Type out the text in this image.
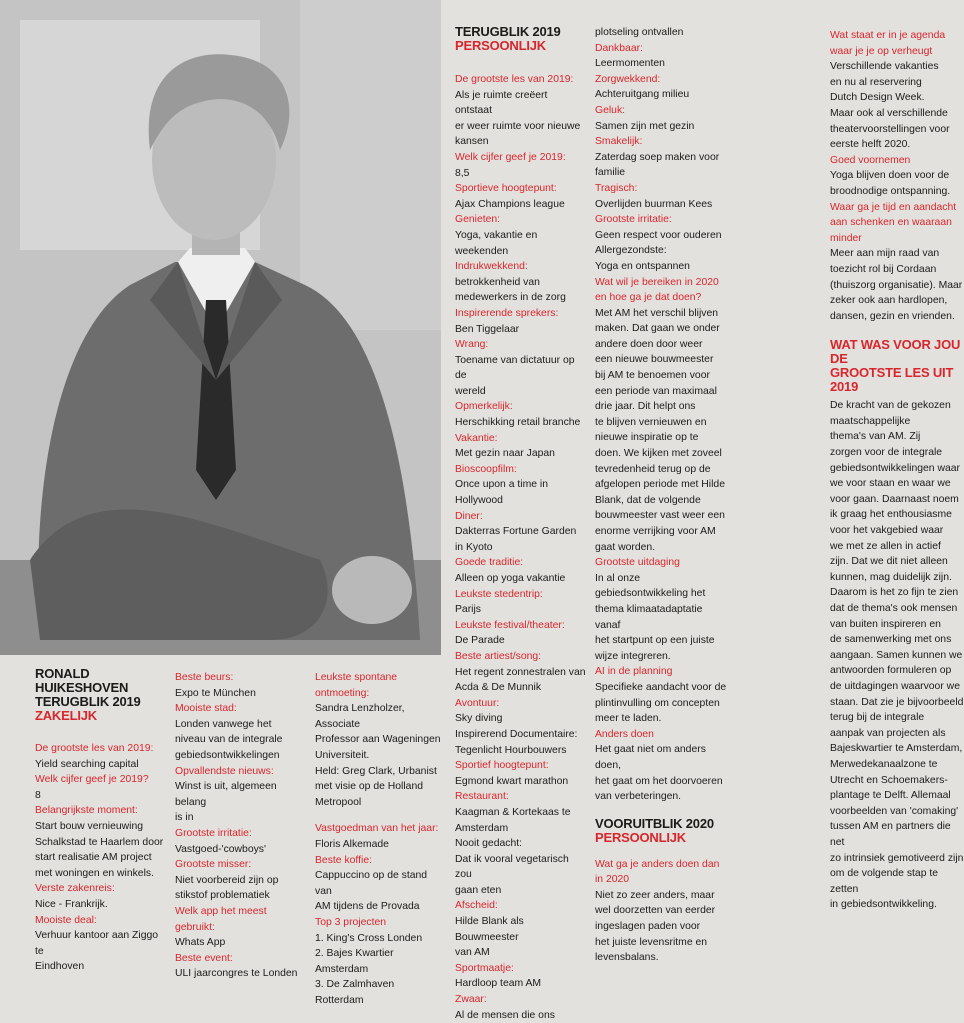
RONALD HUIKESHOVEN

TERUGBLIK 2019

ZAKELIJK

De grootste les van 2019:

Yield searching capital

Welk cijfer geef je 2019?

8

Belangrijkste moment:

Start bouw vernieuwing

Schalkstad te Haarlem door

start realisatie AM project

met woningen en winkels.

Verste zakenreis:

Nice - Frankrijk.

Mooiste deal:

Verhuur kantoor aan Ziggo te

Eindhoven

Beste beurs:

Expo te München

Mooiste stad:

Londen vanwege het

niveau van de integrale

gebiedsontwikkelingen

Opvallendste nieuws:

Winst is uit, algemeen belang

is in

Grootste irritatie:

Vastgoed-'cowboys'

Grootste misser:

Niet voorbereid zijn op

stikstof problematiek

Welk app het meest gebruikt:

Whats App

Beste event:

ULI jaarcongres te Londen

Leukste spontane

ontmoeting:

Sandra Lenzholzer, Associate

Professor aan Wageningen

Universiteit.

Held: Greg Clark, Urbanist

met visie op de Holland

Metropool

Vastgoedman van het jaar:

Floris Alkemade

Beste koffie:

Cappuccino op de stand van

AM tijdens de Provada

Top 3 projecten

1. King's Cross Londen

2. Bajes Kwartier Amsterdam

3. De Zalmhaven Rotterdam

TERUGBLIK 2019

PERSOONLIJK

De grootste les van 2019:

Als je ruimte creëert ontstaat

er weer ruimte voor nieuwe

kansen

Welk cijfer geef je 2019:

8,5

Sportieve hoogtepunt:

Ajax Champions league

Genieten:

Yoga, vakantie en weekenden

Indrukwekkend:

betrokkenheid van

medewerkers in de zorg

Inspirerende sprekers:

Ben Tiggelaar

Wrang:

Toename van dictatuur op de

wereld

Opmerkelijk:

Herschikking retail branche

Vakantie:

Met gezin naar Japan

Bioscoopfilm:

Once upon a time in

Hollywood

Diner:

Dakterras Fortune Garden

in Kyoto

Goede traditie:

Alleen op yoga vakantie

Leukste stedentrip:

Parijs

Leukste festival/theater:

De Parade

Beste artiest/song:

Het regent zonnestralen van

Acda & De Munnik

Avontuur:

Sky diving

Inspirerend Documentaire:

Tegenlicht Hourbouwers

Sportief hoogtepunt:

Egmond kwart marathon

Restaurant:

Kaagman & Kortekaas te

Amsterdam

Nooit gedacht:

Dat ik vooral vegetarisch zou

gaan eten

Afscheid:

Hilde Blank als Bouwmeester

van AM

Sportmaatje:

Hardloop team AM

Zwaar:

Al de mensen die ons

plotseling ontvallen

Dankbaar:

Leermomenten

Zorgwekkend:

Achteruitgang milieu

Geluk:

Samen zijn met gezin

Smakelijk:

Zaterdag soep maken voor

familie

Tragisch:

Overlijden buurman Kees

Grootste irritatie:

Geen respect voor ouderen

Allergezondste:

Yoga en ontspannen

Wat wil je bereiken in 2020

en hoe ga je dat doen?

Met AM het verschil blijven

maken. Dat gaan we onder

andere doen door weer

een nieuwe bouwmeester

bij AM te benoemen voor

een periode van maximaal

drie jaar. Dit helpt ons

te blijven vernieuwen en

nieuwe inspiratie op te

doen. We kijken met zoveel

tevredenheid terug op de

afgelopen periode met Hilde

Blank, dat de volgende

bouwmeester vast weer een

enorme verrijking voor AM

gaat worden.

Grootste uitdaging

In al onze

gebiedsontwikkeling het

thema klimaatadaptatie vanaf

het startpunt op een juiste

wijze integreren.

AI in de planning

Specifieke aandacht voor de

plintinvulling om concepten

meer te laden.

Anders doen

Het gaat niet om anders doen,

het gaat om het doorvoeren

van verbeteringen.

VOORUITBLIK 2020

PERSOONLIJK

Wat ga je anders doen dan

in 2020

Niet zo zeer anders, maar

wel doorzetten van eerder

ingeslagen paden voor

het juiste levensritme en

levensbalans.

Wat staat er in je agenda

waar je je op verheugt

Verschillende vakanties

en nu al reservering

Dutch Design Week.

Maar ook al verschillende

theatervoorstellingen voor

eerste helft 2020.

Goed voornemen

Yoga blijven doen voor de

broodnodige ontspanning.

Waar ga je tijd en aandacht

aan schenken en waaraan

minder

Meer aan mijn raad van

toezicht rol bij Cordaan

(thuiszorg organisatie). Maar

zeker ook aan hardlopen,

dansen, gezin en vrienden.

WAT WAS VOOR JOU DE

GROOTSTE LES UIT 2019

De kracht van de gekozen

maatschappelijke

thema's van AM. Zij

zorgen voor de integrale

gebiedsontwikkelingen waar

we voor staan en waar we

voor gaan. Daarnaast noem

ik graag het enthousiasme

voor het vakgebied waar

we met ze allen in actief

zijn. Dat we dit niet alleen

kunnen, mag duidelijk zijn.

Daarom is het zo fijn te zien

dat de thema's ook mensen

van buiten inspireren en

de samenwerking met ons

aangaan. Samen kunnen we

antwoorden formuleren op

de uitdagingen waarvoor we

staan. Dat zie je bijvoorbeeld

terug bij de integrale

aanpak van projecten als

Bajeskwartier te Amsterdam,

Merwedekanaalzone te

Utrecht en Schoemakers-

plantage te Delft. Allemaal

voorbeelden van 'comaking'

tussen AM en partners die net

zo intrinsiek gemotiveerd zijn

om de volgende stap te zetten

in gebiedsontwikkeling.
